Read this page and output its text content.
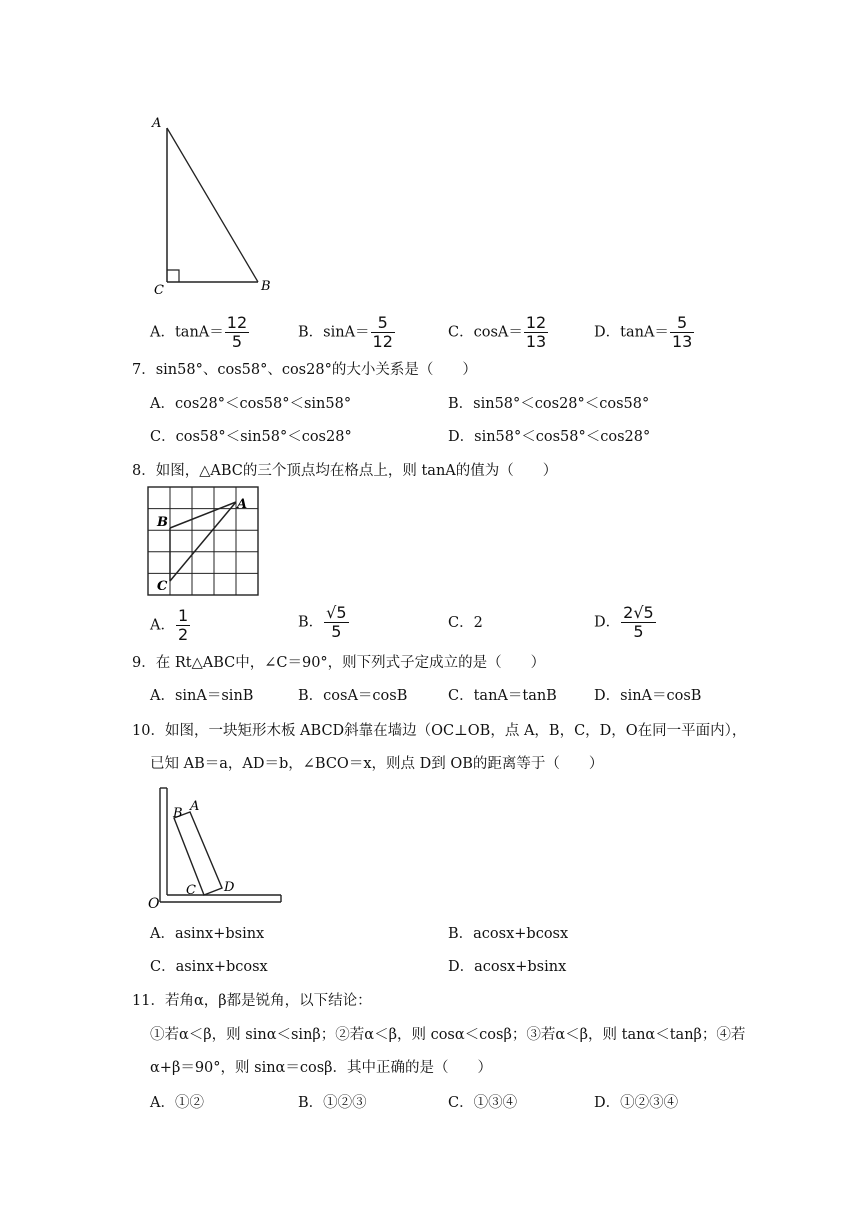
A
C	B
A．$\tan A= \frac{12}{5}$	B．$\sin A= \frac{5}{12}$	C．$\cos A= \frac{12}{13}$	D．$\tan A= \frac{5}{13}$
7．sin58°、cos58°、cos28°的大小关系是（　　）
A．cos28°＜cos58°＜sin58°	B．sin58°＜cos28°＜cos58°
C．cos58°＜sin58°＜cos28°	D．sin58°＜cos58°＜cos28°
8．如图，△ABC的三个顶点均在格点上，则 tanA的值为（　　）
A
B
C
A． $\frac{1}{2}$	B． $\frac{√5}{5}$	C．2	D． $\frac{2√5}{5}$
9．在 Rt△ABC中，∠C＝90°，则下列式子定成立的是（　　）
A．sinA＝sinB	B．cosA＝cosB	C．tanA＝tanB	D．sinA＝cosB
10．如图，一块矩形木板 ABCD斜靠在墙边（OC⊥OB，点 A，B，C，D，O在同一平面内），
已知 AB＝a，AD＝b，∠BCO＝x，则点 D到 OB的距离等于（　　）
B A
C D
O
A．asinx+bsinx	B．acosx+bcosx
C．asinx+bcosx	D．acosx+bsinx
11．若角α，β都是锐角，以下结论：
①若α＜β，则 sinα＜sinβ；②若α＜β，则 cosα＜cosβ；③若α＜β，则 tanα＜tanβ；④若
α+β＝90°，则 sinα＝cosβ．其中正确的是（　　）
A．①②	B．①②③	C．①③④	D．①②③④
